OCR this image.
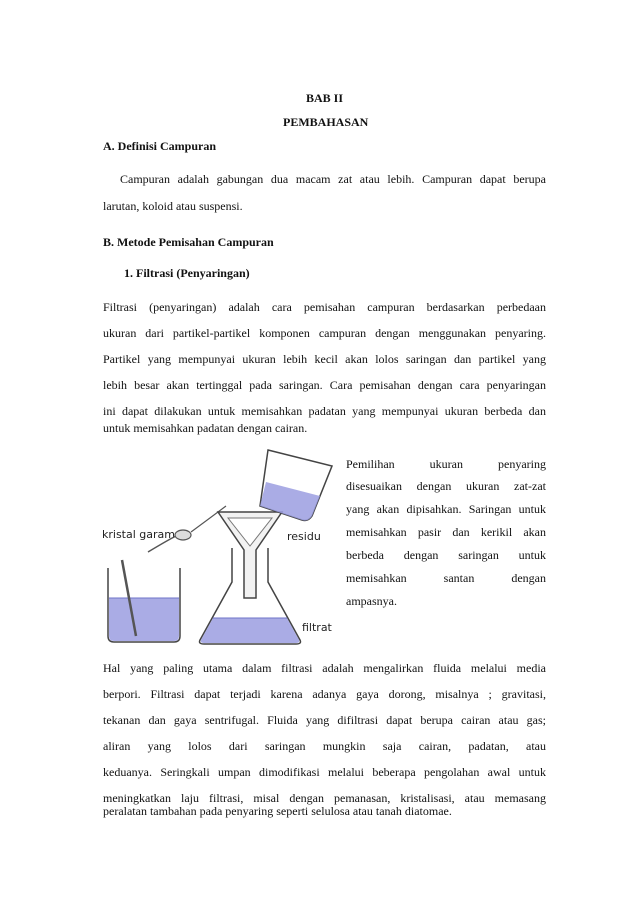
BAB II
PEMBAHASAN
A. Definisi Campuran
Campuran adalah gabungan dua macam zat atau lebih. Campuran dapat berupa
larutan, koloid atau suspensi.
B. Metode Pemisahan Campuran
1. Filtrasi (Penyaringan)
Filtrasi (penyaringan) adalah cara pemisahan campuran berdasarkan perbedaan
ukuran dari partikel-partikel komponen campuran dengan menggunakan penyaring.
Partikel yang mempunyai ukuran lebih kecil akan lolos saringan dan partikel yang
lebih besar akan tertinggal pada saringan. Cara pemisahan dengan cara penyaringan
ini dapat dilakukan untuk memisahkan padatan yang mempunyai ukuran berbeda dan
untuk memisahkan padatan dengan cairan.
Pemilihan ukuran penyaring
disesuaikan dengan ukuran zat-zat
yang akan dipisahkan. Saringan untuk
memisahkan pasir dan kerikil akan
berbeda dengan saringan untuk
memisahkan santan dengan
ampasnya.
kristal garam	residu
filtrat
Hal yang paling utama dalam filtrasi adalah mengalirkan fluida melalui media
berpori. Filtrasi dapat terjadi karena adanya gaya dorong, misalnya ; gravitasi,
tekanan dan gaya sentrifugal. Fluida yang difiltrasi dapat berupa cairan atau gas;
aliran yang lolos dari saringan mungkin saja cairan, padatan, atau
keduanya. Seringkali umpan dimodifikasi melalui beberapa pengolahan awal untuk
meningkatkan laju filtrasi, misal dengan pemanasan, kristalisasi, atau memasang
peralatan tambahan pada penyaring seperti selulosa atau tanah diatomae.
